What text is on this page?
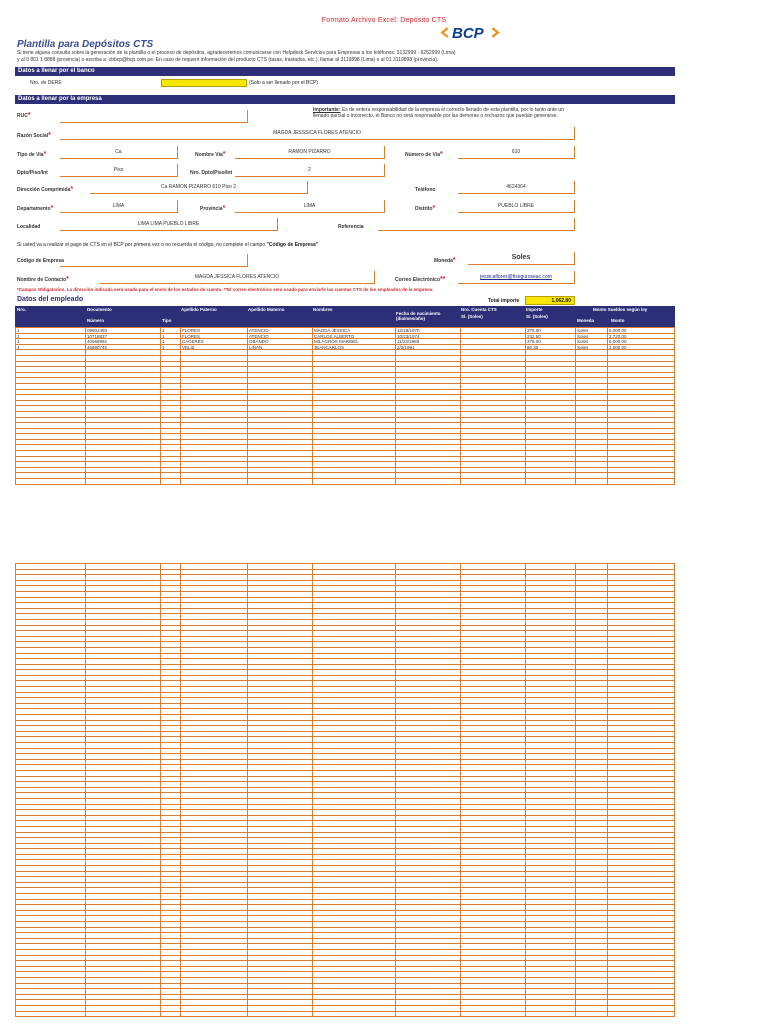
Formato Archivo Excel: Depósito CTS
BCP
Plantilla para Depósitos CTS
Si tiene alguna consulta sobre la generación de la plantilla o el proceso de depósitos, agradeceremos comunicarse con Helpdesk Servicios para Empresas a los teléfonos: 3132999 - 6252999 (Lima)
y al 0 801 1 8888 (provincia) o escriba a: cbbcp@bcp.com.pe. En caso de requerir información del producto CTS (tasas, traslados, etc.), llamar al 3119898 (Lima) o al 01 3119898 (provincia).
Datos a llenar por el banco
Nro. de DERE	(Solo a ser llenado por el BCP)
Datos a llenar por la empresa
RUC*
Importante: Es de entera responsabilidad de la empresa el correcto llenado de esta plantilla, por lo tanto ante un llenado parcial o incorrecto, el Banco no será responsable por las demoras o rechazos que puedan generarse.
Razón Social*	MAGDA JESSSICA FLORES ATENCIO
Tipo de Vía*	Ca	Nombre Vía*	RAMON PIZARRO	Número de Vía*	610
Dpto/Piso/Int	Piso	Nro. Dpto/Piso/Int	2
Dirección Comprimida*	Ca RAMON PIZARRO 610 Piso 2	Teléfono	4624364
Departamento*	LIMA	Provincia*	LIMA	Distrito*	PUEBLO LIBRE
Localidad	LIMA LIMA PUEBLO LIBRE	Referencia
Si usted va a realizar el pago de CTS en el BCP por primera vez o no recuerda el código, no complete el campo "Código de Empresa"
Código de Empresa	Moneda*	Soles
Nombre de Contacto*	MAGDA JESSICA FLORES ATENCIO	Correo Electrónico**	jessicaflores@fiseguroseac.com
*Campos Obligatorios. La dirección indicada será usada para el envío de los estados de cuenta. **El correo electrónico será usado para enviarle las cuentas CTS de los empleados de la empresa.
Datos del empleado	Total importe	1,062.80
Nro.	Documento
Número	Tipo
Apellido Paterno	Apellido Materno	Nombres
Fecha de nacimiento (dia/mes/año)
Nro. Cuenta CTS
Sl. (Soles)
Importe
S/. (Soles)
Monto Sueldos según ley
Moneda	Monto
1	09602450	1	FLORES	ATENCIO	MAGDA JESSICA	12/18/1970	375.00	Soles	6,000.00
2	10718837	1	FLORES	ATENCIO	CARLOS ALBERTO	10/23/1974	232.50	Soles	3,720.00
3	40568992	1	CACERES	OBANDO	MILAGROS MARIBEL	11/23/1988	375.00	Soles	6,000.00
4	46890745	1	VELIZ	LIÑAN	JEANCARLOS	2/3/1991	80.30	Soles	2,000.00
